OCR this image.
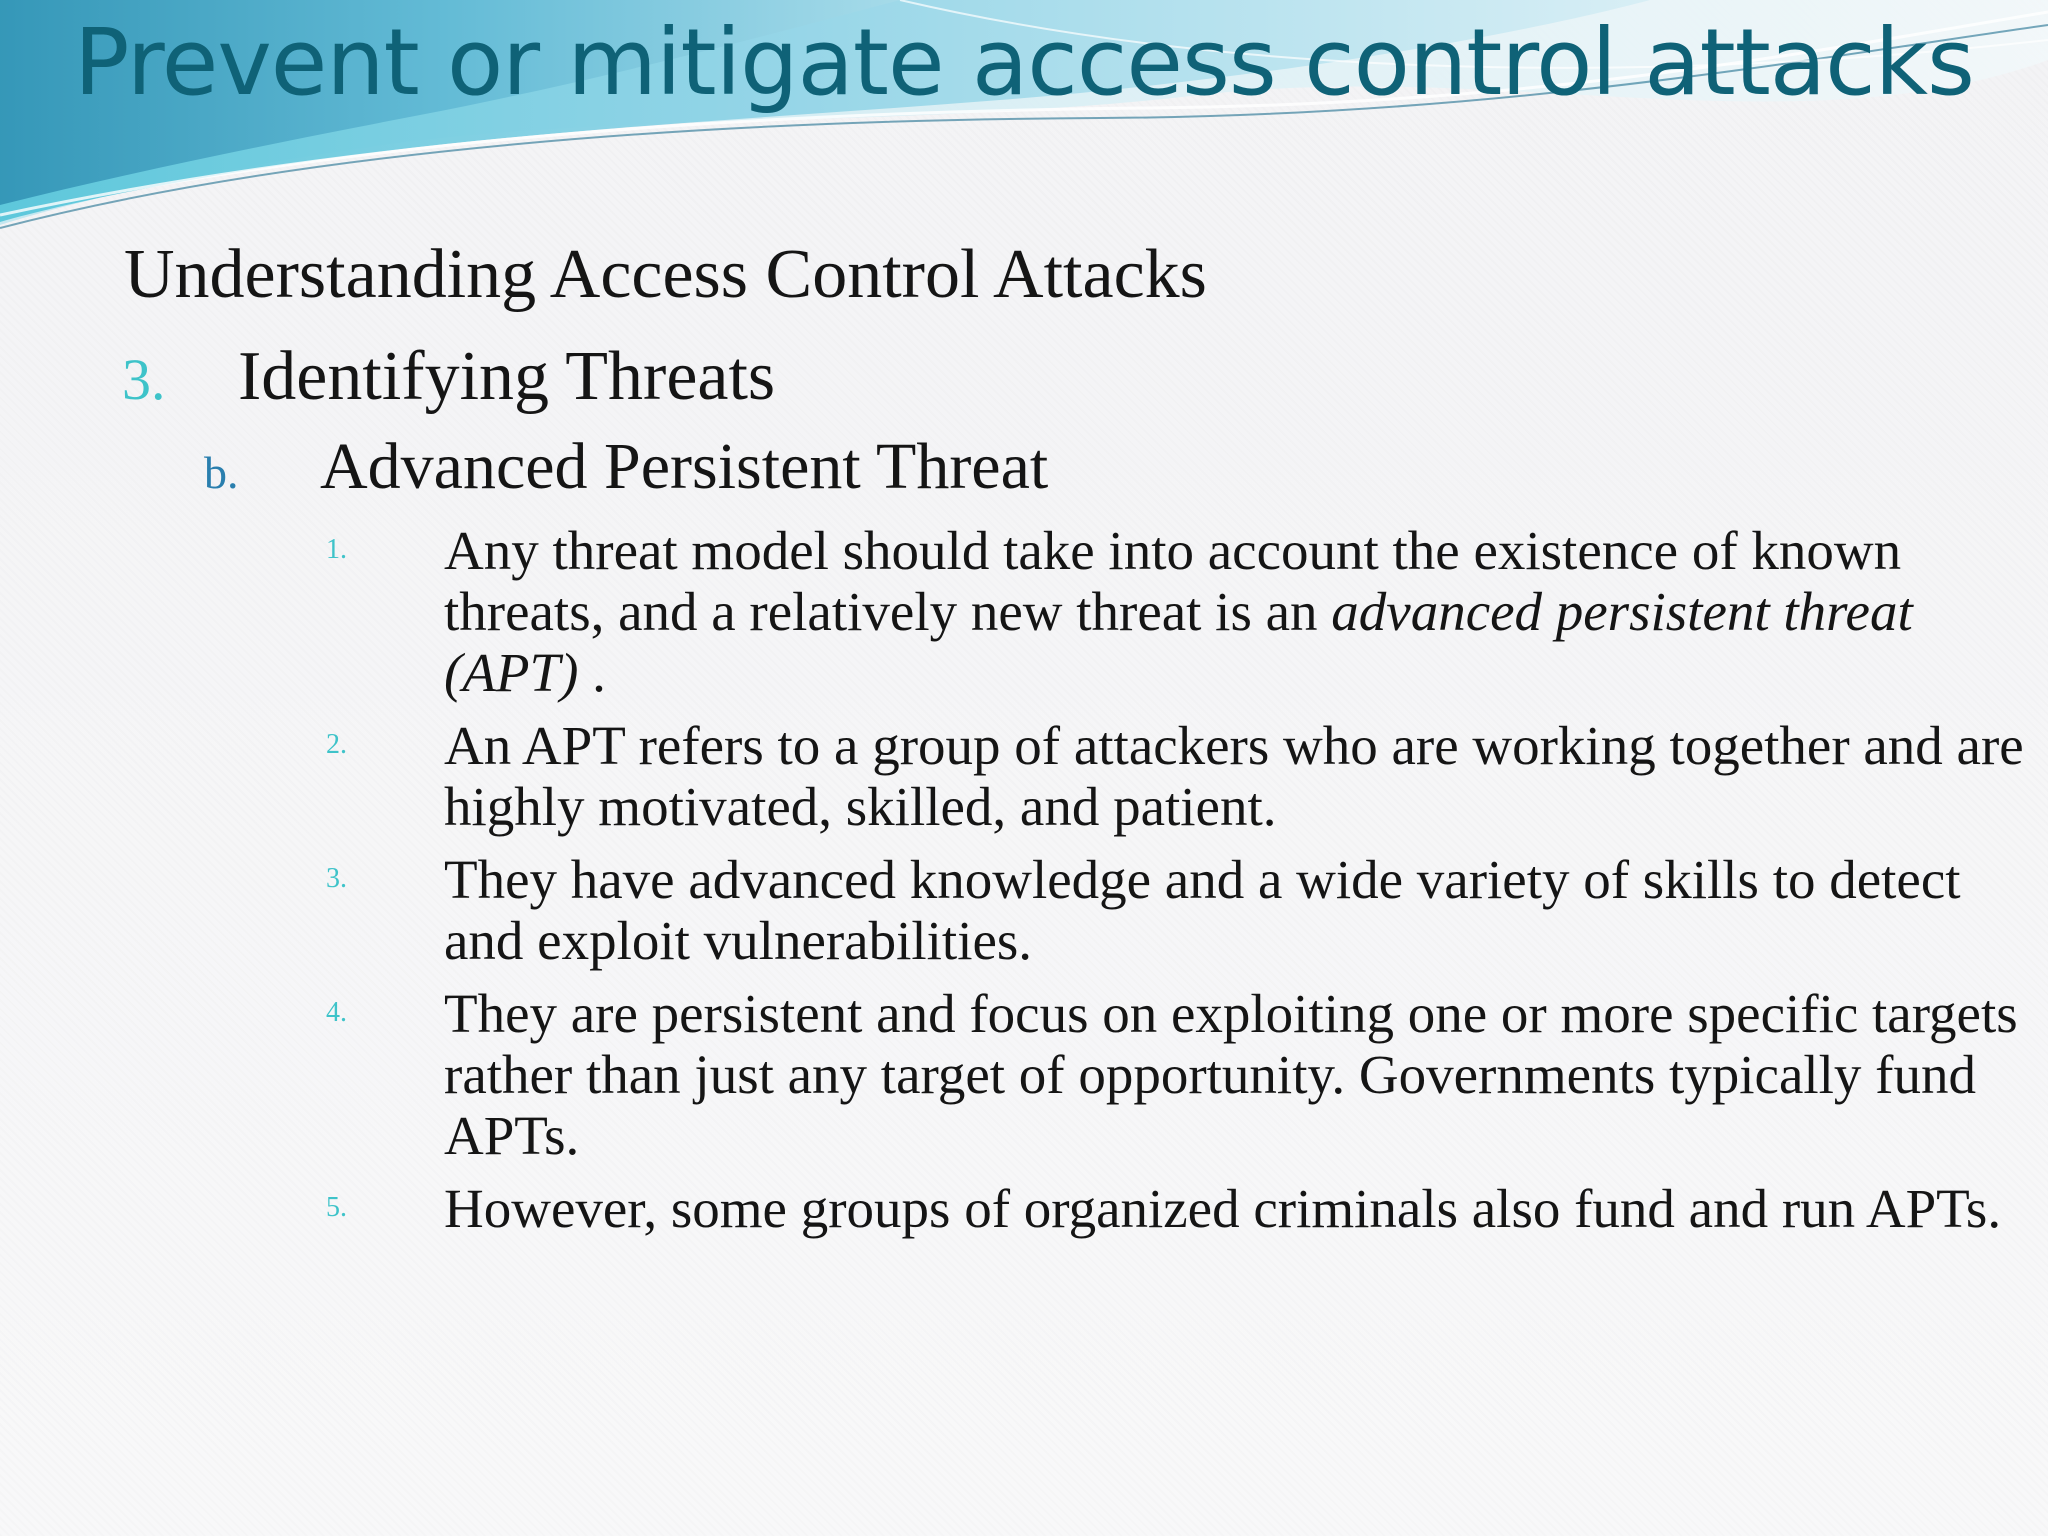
Prevent or mitigate access control attacks
Understanding Access Control Attacks
3. Identifying Threats
b. Advanced Persistent Threat
1. Any threat model should take into account the existence of known threats, and a relatively new threat is an advanced persistent threat (APT) .
2. An APT refers to a group of attackers who are working together and are highly motivated, skilled, and patient.
3. They have advanced knowledge and a wide variety of skills to detect and exploit vulnerabilities.
4. They are persistent and focus on exploiting one or more specific targets rather than just any target of opportunity. Governments typically fund APTs.
5. However, some groups of organized criminals also fund and run APTs.
